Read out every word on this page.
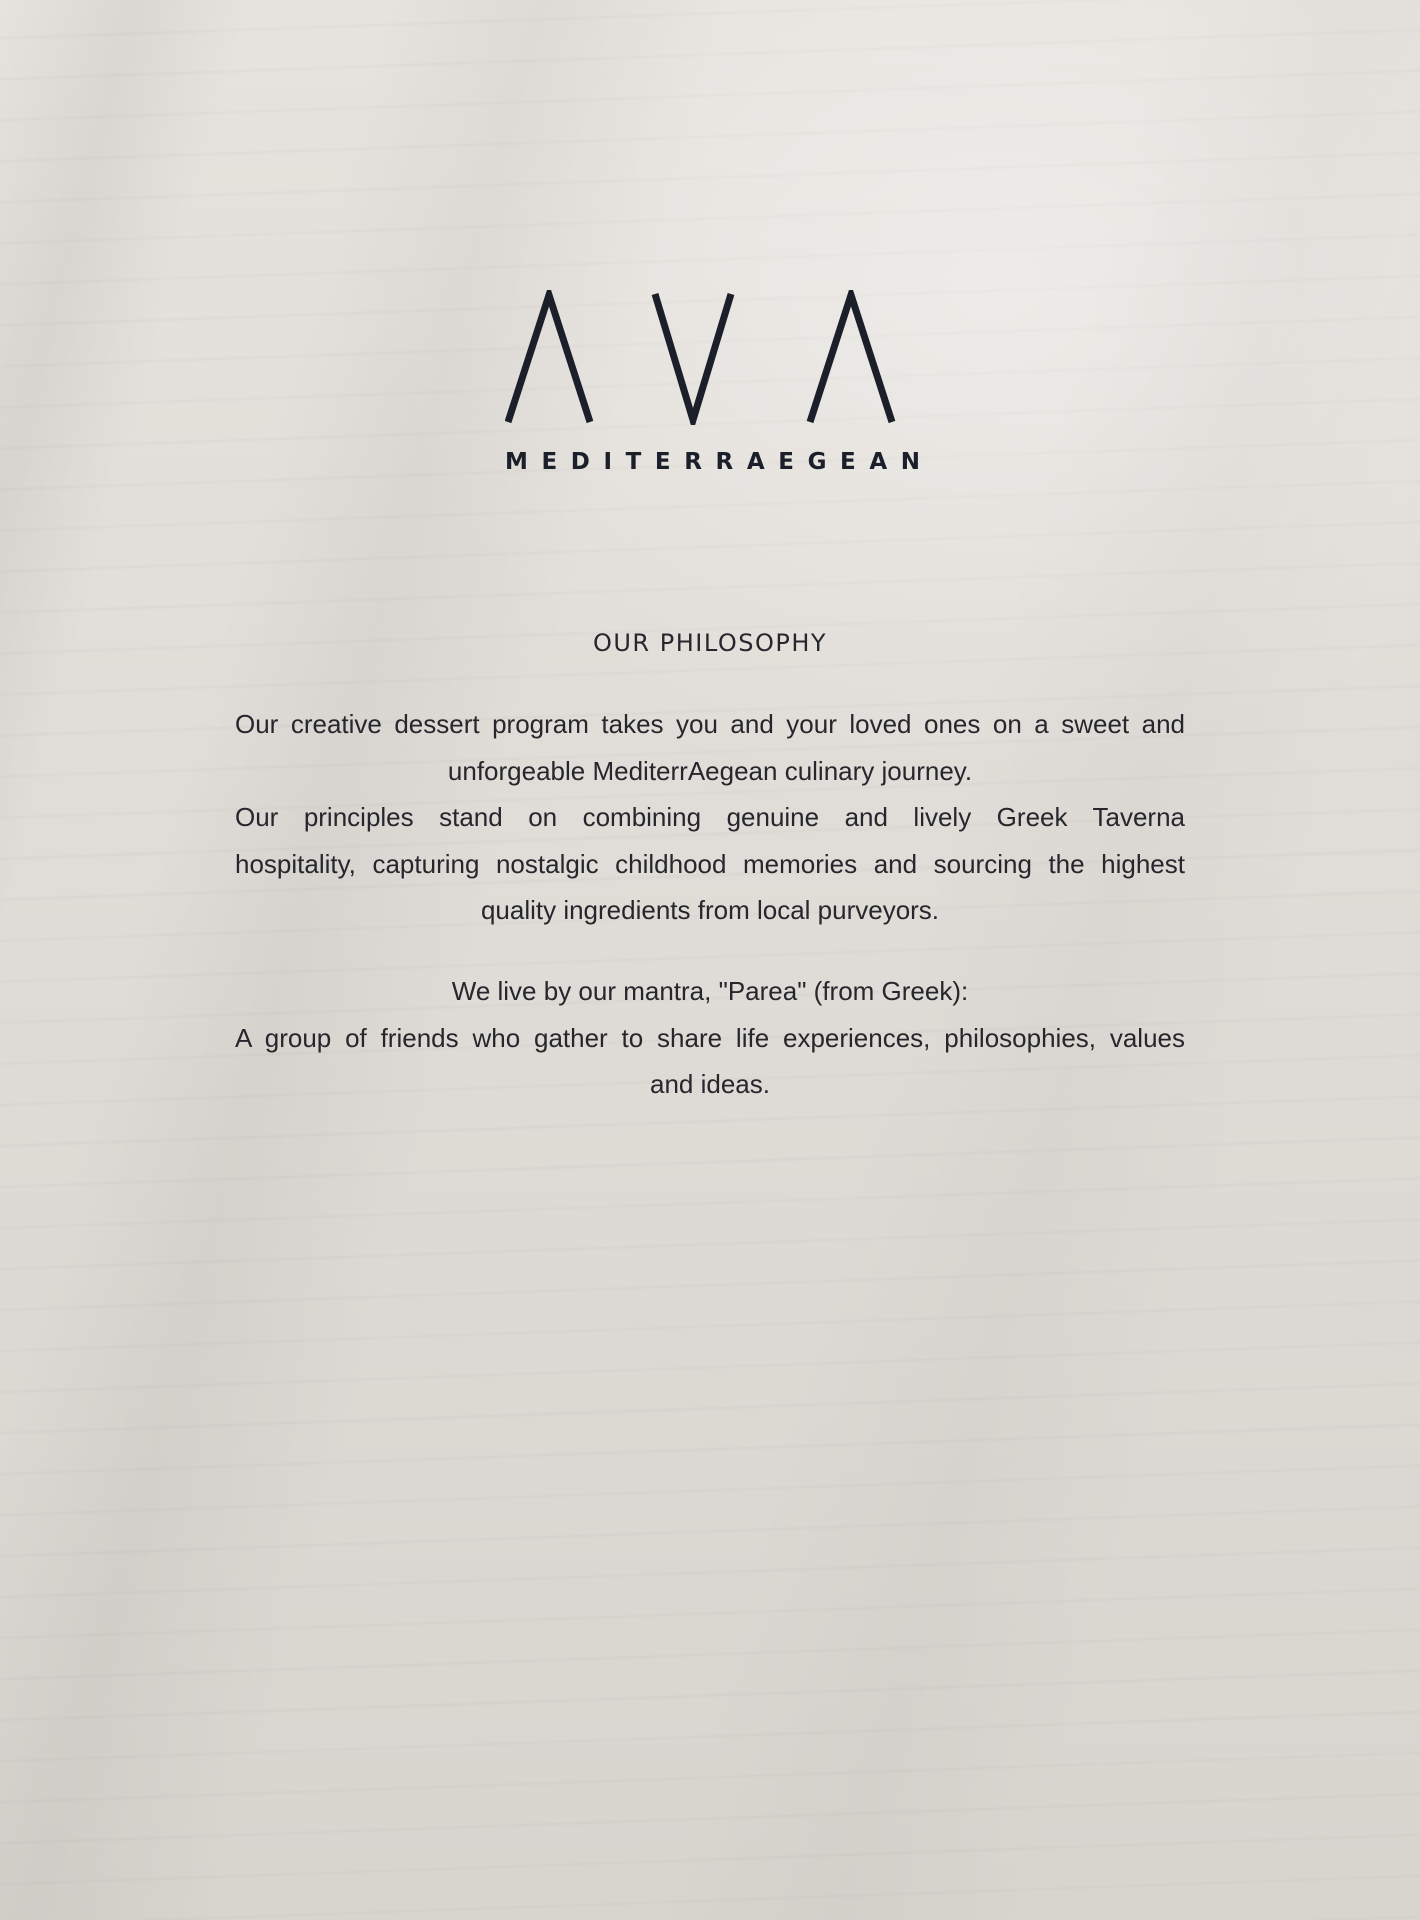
MEDITERRAEGEAN
OUR PHILOSOPHY
Our creative dessert program takes you and your loved ones on a sweet and
unforgeable MediterrAegean culinary journey.
Our principles stand on combining genuine and lively Greek Taverna
hospitality, capturing nostalgic childhood memories and sourcing the highest
quality ingredients from local purveyors.
We live by our mantra, "Parea" (from Greek):
A group of friends who gather to share life experiences, philosophies, values
and ideas.
